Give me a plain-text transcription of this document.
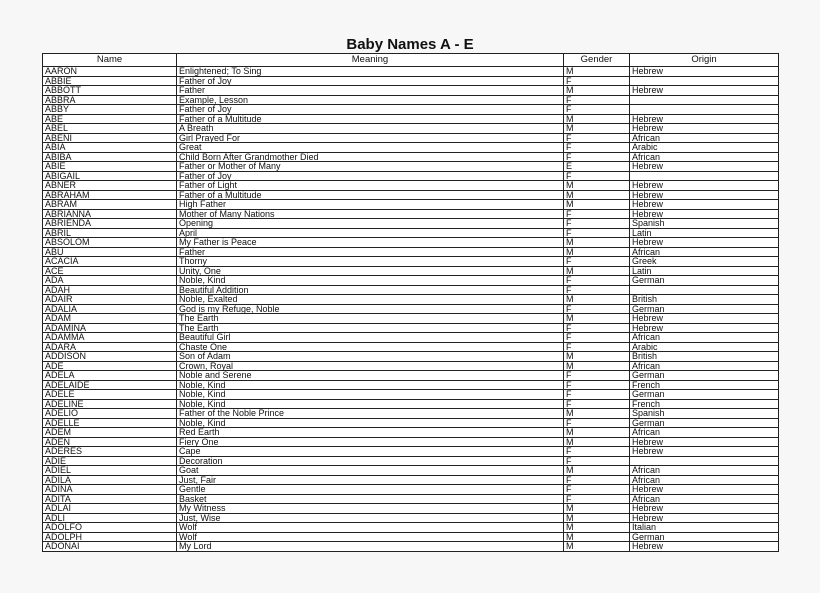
Baby Names A - E
Name	Meaning	Gender	Origin
AARON	Enlightened; To Sing	M	Hebrew
ABBIE	Father of Joy	F	
ABBOTT	Father	M	Hebrew
ABBRA	Example, Lesson	F	
ABBY	Father of Joy	F	
ABE	Father of a Multitude	M	Hebrew
ABEL	A Breath	M	Hebrew
ABENI	Girl Prayed For	F	African
ABIA	Great	F	Arabic
ABIBA	Child Born After Grandmother Died	F	African
ABIE	Father or Mother of Many	E	Hebrew
ABIGAIL	Father of Joy	F	
ABNER	Father of Light	M	Hebrew
ABRAHAM	Father of a Multitude	M	Hebrew
ABRAM	High Father	M	Hebrew
ABRIANNA	Mother of Many Nations	F	Hebrew
ABRIENDA	Opening	F	Spanish
ABRIL	April	F	Latin
ABSOLOM	My Father is Peace	M	Hebrew
ABU	Father	M	African
ACACIA	Thorny	F	Greek
ACE	Unity, One	M	Latin
ADA	Noble, Kind	F	German
ADAH	Beautiful Addition	F	
ADAIR	Noble, Exalted	M	British
ADALIA	God is my Refuge, Noble	F	German
ADAM	The Earth	M	Hebrew
ADAMINA	The Earth	F	Hebrew
ADAMMA	Beautiful Girl	F	African
ADARA	Chaste One	F	Arabic
ADDISON	Son of Adam	M	British
ADE	Crown, Royal	M	African
ADELA	Noble and Serene	F	German
ADELAIDE	Noble, Kind	F	French
ADELE	Noble, Kind	F	German
ADELINE	Noble, Kind	F	French
ADELIO	Father of the Noble Prince	M	Spanish
ADELLE	Noble, Kind	F	German
ADEM	Red Earth	M	African
ADEN	Fiery One	M	Hebrew
ADERES	Cape	F	Hebrew
ADIE	Decoration	F	
ADIEL	Goat	M	African
ADILA	Just, Fair	F	African
ADINA	Gentle	F	Hebrew
ADITA	Basket	F	African
ADLAI	My Witness	M	Hebrew
ADLI	Just, Wise	M	Hebrew
ADOLFO	Wolf	M	Italian
ADOLPH	Wolf	M	German
ADONAI	My Lord	M	Hebrew
